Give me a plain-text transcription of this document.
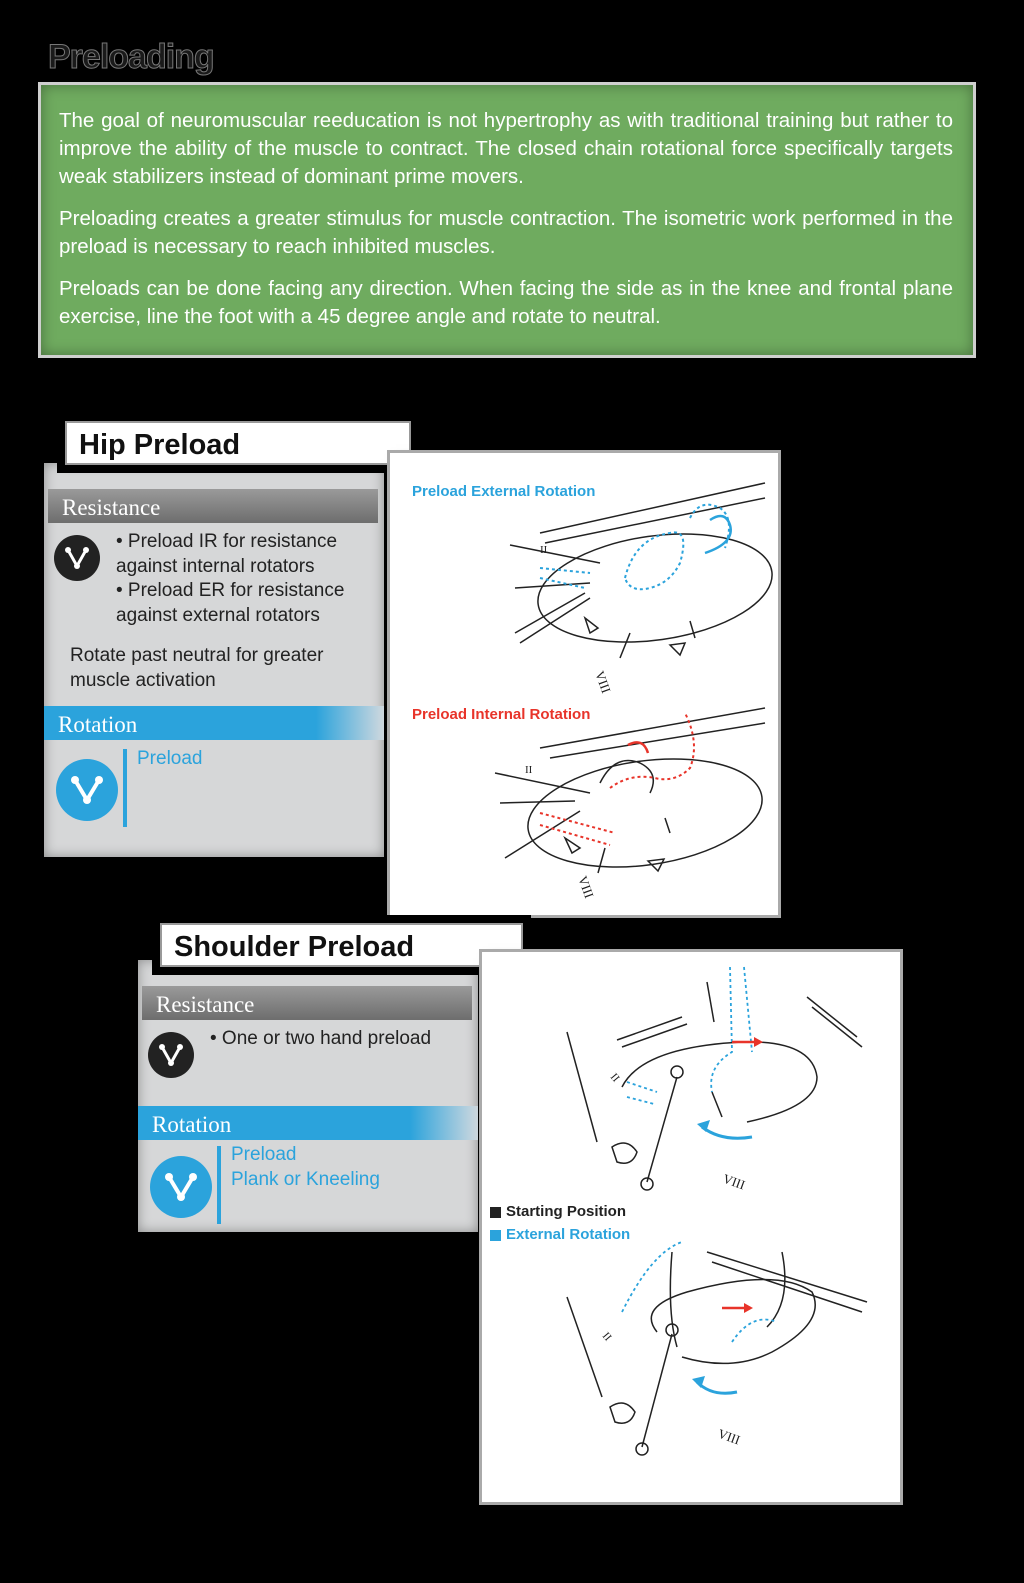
Preloading

The goal of neuromuscular reeducation is not hypertrophy as with traditional training but rather to improve the ability of the muscle to contract. The closed chain rotational force specifically targets weak stabilizers instead of dominant prime movers.

Preloading creates a greater stimulus for muscle contraction. The isometric work performed in the preload is necessary to reach inhibited muscles.

Preloads can be done facing any direction. When facing the side as in the knee and frontal plane exercise, line the foot with a 45 degree angle and rotate to neutral.

Resistance
• Preload IR for resistance against internal rotators
• Preload ER for resistance against external rotators
Rotate past neutral for greater muscle activation
Rotation
Preload
Hip Preload
Preload External Rotation
Preload Internal Rotation
VIII
II
VIII
II
Resistance
• One or two hand preload
Rotation
Preload
Plank or Kneeling
Shoulder Preload
VIII
II
VIII
II
Starting Position
External Rotation
